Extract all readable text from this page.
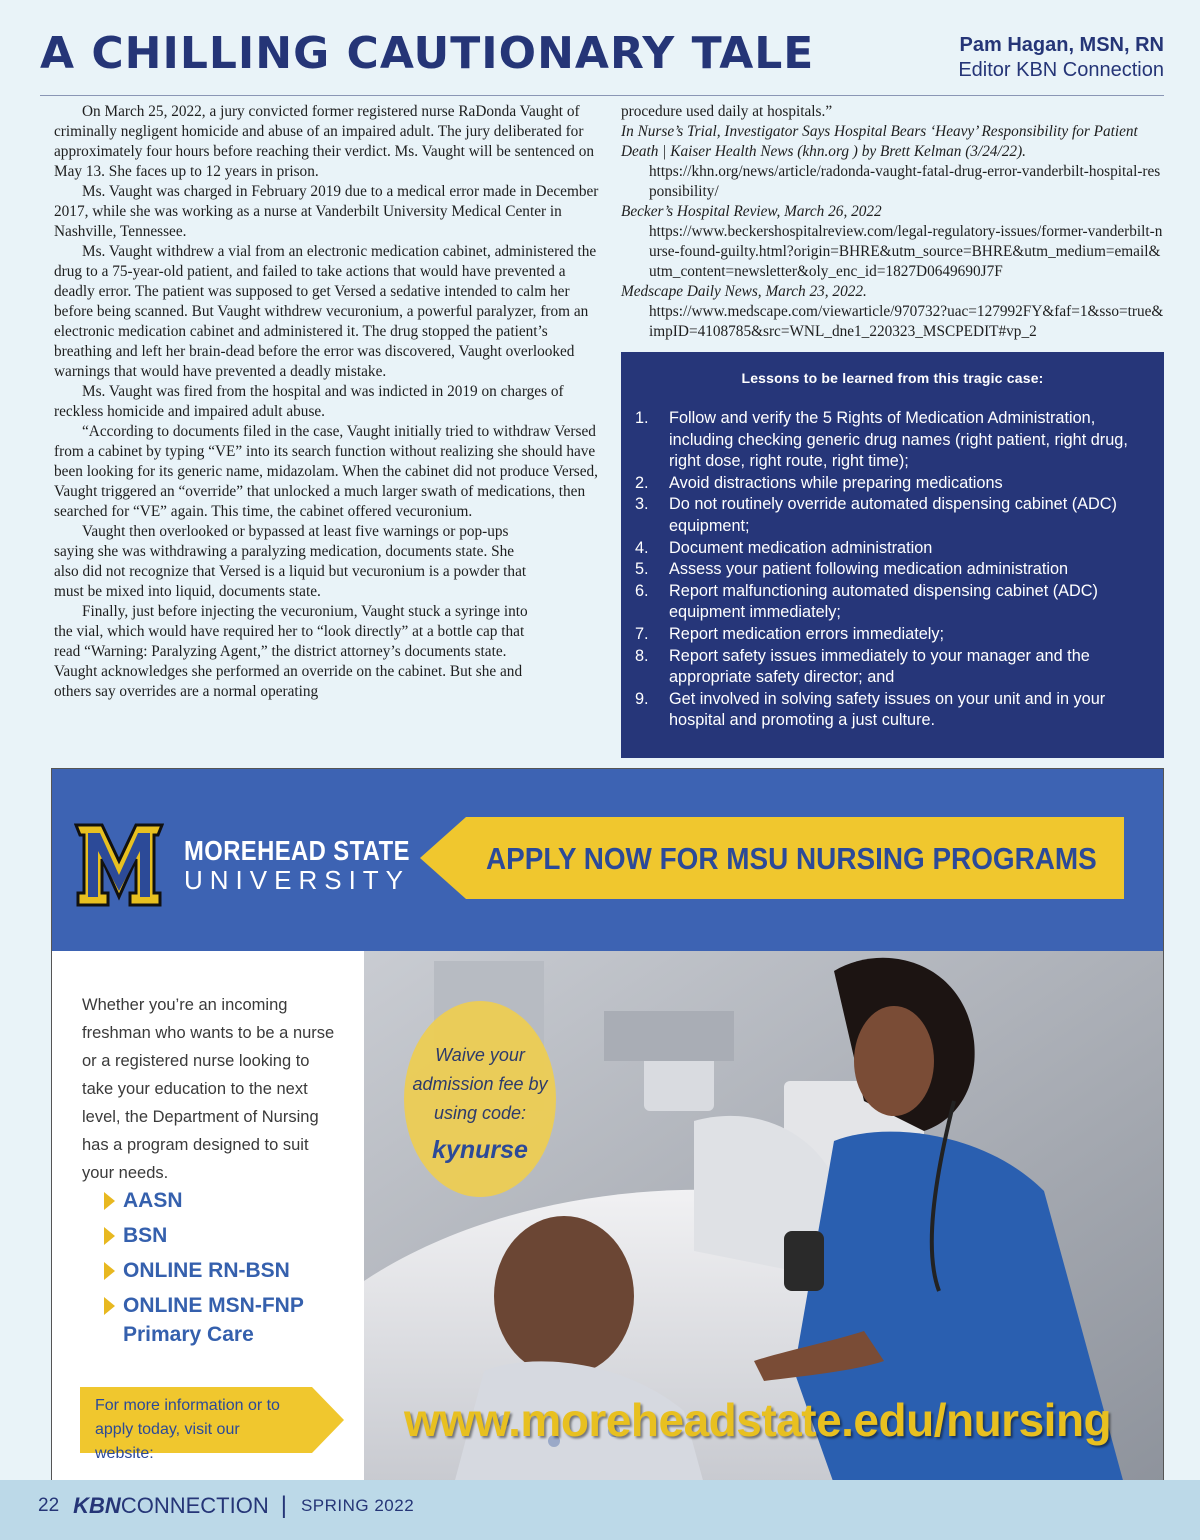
A CHILLING CAUTIONARY TALE	Pam Hagan, MSN, RN
Editor KBN Connection

On March 25, 2022, a jury convicted former registered nurse RaDonda Vaught of criminally negligent homicide and abuse of an impaired adult. The jury deliberated for approximately four hours before reaching their verdict. Ms. Vaught will be sentenced on May 13. She faces up to 12 years in prison.

Ms. Vaught was charged in February 2019 due to a medical error made in December 2017, while she was working as a nurse at Vanderbilt University Medical Center in Nashville, Tennessee.

Ms. Vaught withdrew a vial from an electronic medication cabinet, administered the drug to a 75-year-old patient, and failed to take actions that would have prevented a deadly error. The patient was supposed to get Versed a sedative intended to calm her before being scanned. But Vaught withdrew vecuronium, a powerful paralyzer, from an electronic medication cabinet and administered it. The drug stopped the patient’s breathing and left her brain-dead before the error was discovered, Vaught overlooked warnings that would have prevented a deadly mistake.

Ms. Vaught was fired from the hospital and was indicted in 2019 on charges of reckless homicide and impaired adult abuse.

“According to documents filed in the case, Vaught initially tried to withdraw Versed from a cabinet by typing “VE” into its search function without realizing she should have been looking for its generic name, midazolam. When the cabinet did not produce Versed, Vaught triggered an “override” that unlocked a much larger swath of medications, then searched for “VE” again. This time, the cabinet offered vecuronium.

Vaught then overlooked or bypassed at least five warnings or pop-ups saying she was withdrawing a paralyzing medication, documents state. She also did not recognize that Versed is a liquid but vecuronium is a powder that must be mixed into liquid, documents state.

Finally, just before injecting the vecuronium, Vaught stuck a syringe into the vial, which would have required her to “look directly” at a bottle cap that read “Warning: Paralyzing Agent,” the district attorney’s documents state. Vaught acknowledges she performed an override on the cabinet. But she and others say overrides are a normal operating

procedure used daily at hospitals.”
In Nurse’s Trial, Investigator Says Hospital Bears ‘Heavy’ Responsibility for Patient Death | Kaiser Health News (khn.org ) by Brett Kelman (3/24/22).
https://khn.org/news/article/radonda-vaught-fatal-drug-error-vanderbilt-hospital-responsibility/
Becker’s Hospital Review, March 26, 2022
https://www.beckershospitalreview.com/legal-regulatory-issues/former-vanderbilt-nurse-found-guilty.html?origin=BHRE&utm_source=BHRE&utm_medium=email&utm_content=newsletter&oly_enc_id=1827D0649690J7F
Medscape Daily News, March 23, 2022.
https://www.medscape.com/viewarticle/970732?uac=127992FY&faf=1&sso=true&impID=4108785&src=WNL_dne1_220323_MSCPEDIT#vp_2
Lessons to be learned from this tragic case:
1.	Follow and verify the 5 Rights of Medication Administration, including checking generic drug names (right patient, right drug, right dose, right route, right time);
2.	Avoid distractions while preparing medications
3.	Do not routinely override automated dispensing cabinet (ADC) equipment;
4.	Document medication administration
5.	Assess your patient following medication administration
6.	Report malfunctioning automated dispensing cabinet (ADC) equipment immediately;
7.	Report medication errors immediately;
8.	Report safety issues immediately to your manager and the appropriate safety director; and
9.	Get involved in solving safety issues on your unit and in your hospital and promoting a just culture.
MOREHEAD STATE
UNIVERSITY
APPLY NOW FOR MSU NURSING PROGRAMS
Whether you’re an incoming freshman who wants to be a nurse or a registered nurse looking to take your education to the next level, the Department of Nursing has a program designed to suit your needs.
AASN
BSN
ONLINE RN-BSN
ONLINE MSN-FNP
Primary Care
For more information or to apply today, visit our website:
Waive your admission fee by using code:
kynurse
www.moreheadstate.edu/nursing
22 KBN CONNECTION | SPRING 2022
